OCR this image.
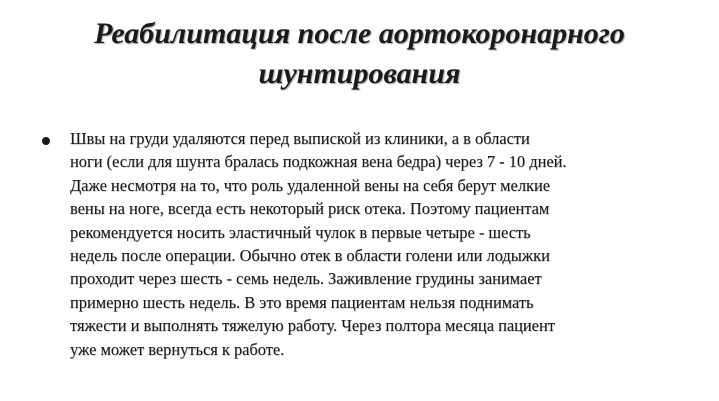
Реабилитация после аортокоронарного
шунтирования
Швы на груди удаляются перед выпиской из клиники, а в области
ноги (если для шунта бралась подкожная вена бедра) через 7 - 10 дней.
Даже несмотря на то, что роль удаленной вены на себя берут мелкие
вены на ноге, всегда есть некоторый риск отека. Поэтому пациентам
рекомендуется носить эластичный чулок в первые четыре - шесть
недель после операции. Обычно отек в области голени или лодыжки
проходит через шесть - семь недель. Заживление грудины занимает
примерно шесть недель. В это время пациентам нельзя поднимать
тяжести и выполнять тяжелую работу. Через полтора месяца пациент
уже может вернуться к работе.
